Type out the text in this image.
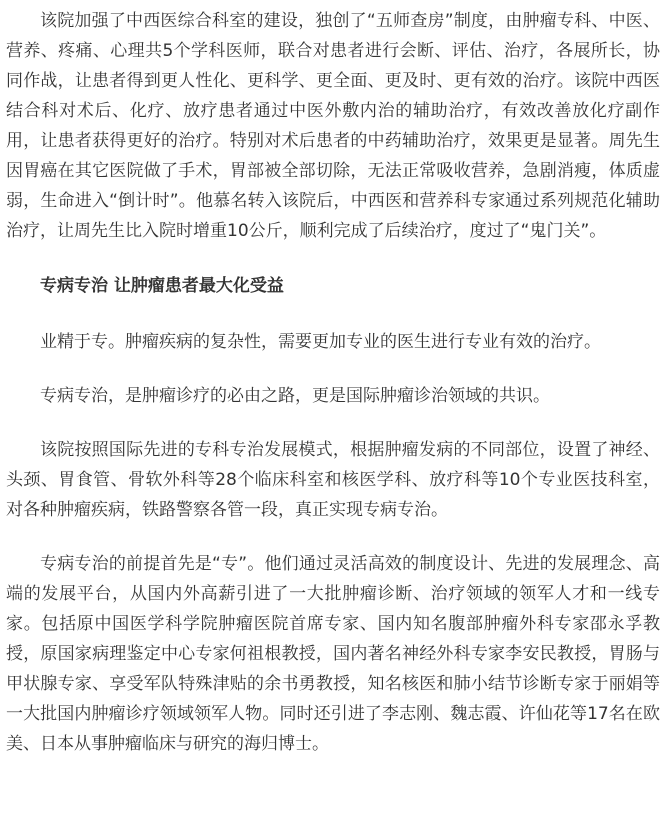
该院加强了中西医综合科室的建设，独创了“五师查房”制度，由肿瘤专科、中医、营养、疼痛、心理共5个学科医师，联合对患者进行会断、评估、治疗，各展所长，协同作战，让患者得到更人性化、更科学、更全面、更及时、更有效的治疗。该院中西医结合科对术后、化疗、放疗患者通过中医外敷内治的辅助治疗，有效改善放化疗副作用，让患者获得更好的治疗。特别对术后患者的中药辅助治疗，效果更是显著。周先生因胃癌在其它医院做了手术，胃部被全部切除，无法正常吸收营养，急剧消瘦，体质虚弱，生命进入“倒计时”。他慕名转入该院后，中西医和营养科专家通过系列规范化辅助治疗，让周先生比入院时增重10公斤，顺利完成了后续治疗，度过了“鬼门关”。

专病专治 让肿瘤患者最大化受益

业精于专。肿瘤疾病的复杂性，需要更加专业的医生进行专业有效的治疗。

专病专治，是肿瘤诊疗的必由之路，更是国际肿瘤诊治领域的共识。

该院按照国际先进的专科专治发展模式，根据肿瘤发病的不同部位，设置了神经、头颈、胃食管、骨软外科等28个临床科室和核医学科、放疗科等10个专业医技科室，对各种肿瘤疾病，铁路警察各管一段，真正实现专病专治。

专病专治的前提首先是“专”。他们通过灵活高效的制度设计、先进的发展理念、高端的发展平台，从国内外高薪引进了一大批肿瘤诊断、治疗领域的领军人才和一线专家。包括原中国医学科学院肿瘤医院首席专家、国内知名腹部肿瘤外科专家邵永孚教授，原国家病理鉴定中心专家何祖根教授，国内著名神经外科专家李安民教授，胃肠与甲状腺专家、享受军队特殊津贴的余书勇教授，知名核医和肺小结节诊断专家于丽娟等一大批国内肿瘤诊疗领域领军人物。同时还引进了李志刚、魏志霞、许仙花等17名在欧美、日本从事肿瘤临床与研究的海归博士。
